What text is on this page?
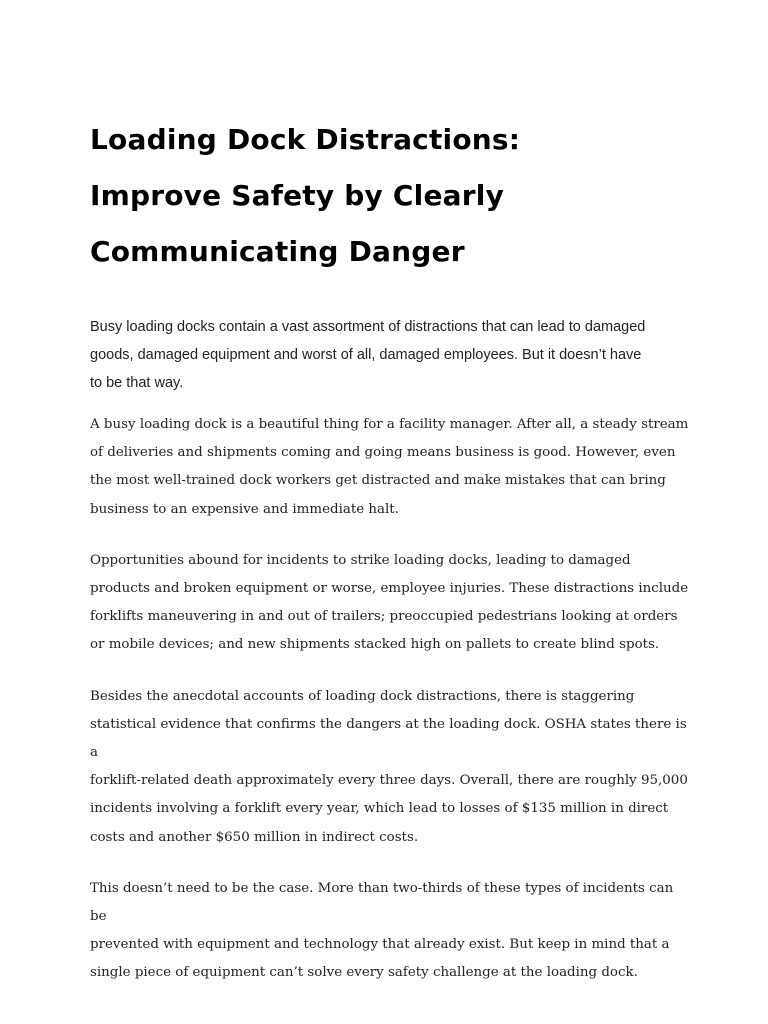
Loading Dock Distractions:
Improve Safety by Clearly
Communicating Danger
Busy loading docks contain a vast assortment of distractions that can lead to damaged
goods, damaged equipment and worst of all, damaged employees. But it doesn’t have
to be that way.
A busy loading dock is a beautiful thing for a facility manager. After all, a steady stream
of deliveries and shipments coming and going means business is good. However, even
the most well-trained dock workers get distracted and make mistakes that can bring
business to an expensive and immediate halt.
Opportunities abound for incidents to strike loading docks, leading to damaged
products and broken equipment or worse, employee injuries. These distractions include
forklifts maneuvering in and out of trailers; preoccupied pedestrians looking at orders
or mobile devices; and new shipments stacked high on pallets to create blind spots.
Besides the anecdotal accounts of loading dock distractions, there is staggering
statistical evidence that confirms the dangers at the loading dock. OSHA states there is a
forklift-related death approximately every three days. Overall, there are roughly 95,000
incidents involving a forklift every year, which lead to losses of $135 million in direct
costs and another $650 million in indirect costs.
This doesn’t need to be the case. More than two-thirds of these types of incidents can be
prevented with equipment and technology that already exist. But keep in mind that a
single piece of equipment can’t solve every safety challenge at the loading dock.
